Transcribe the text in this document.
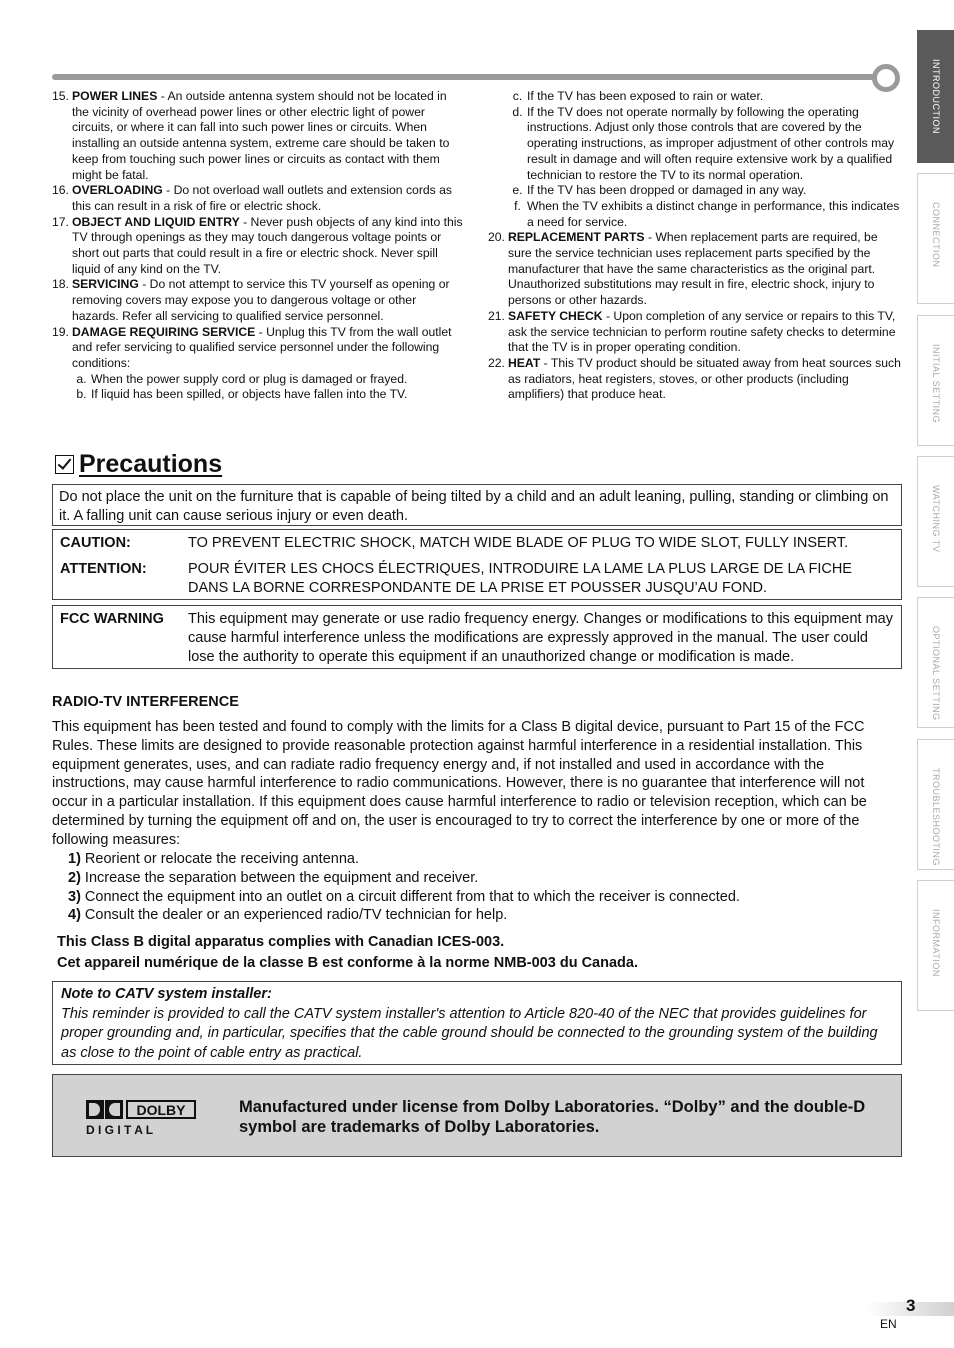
INTRODUCTION
CONNECTION
INITIAL SETTING
WATCHING TV
OPTIONAL SETTING
TROUBLESHOOTING
INFORMATION
15. POWER LINES - An outside antenna system should not be located in the vicinity of overhead power lines or other electric light of power circuits, or where it can fall into such power lines or circuits. When installing an outside antenna system, extreme care should be taken to keep from touching such power lines or circuits as contact with them might be fatal.
16. OVERLOADING - Do not overload wall outlets and extension cords as this can result in a risk of fire or electric shock.
17. OBJECT AND LIQUID ENTRY - Never push objects of any kind into this TV through openings as they may touch dangerous voltage points or short out parts that could result in a fire or electric shock. Never spill liquid of any kind on the TV.
18. SERVICING - Do not attempt to service this TV yourself as opening or removing covers may expose you to dangerous voltage or other hazards. Refer all servicing to qualified service personnel.
19. DAMAGE REQUIRING SERVICE - Unplug this TV from the wall outlet and refer servicing to qualified service personnel under the following conditions:
a. When the power supply cord or plug is damaged or frayed.
b. If liquid has been spilled, or objects have fallen into the TV.
c. If the TV has been exposed to rain or water.
d. If the TV does not operate normally by following the operating instructions. Adjust only those controls that are covered by the operating instructions, as improper adjustment of other controls may result in damage and will often require extensive work by a qualified technician to restore the TV to its normal operation.
e. If the TV has been dropped or damaged in any way.
f. When the TV exhibits a distinct change in performance, this indicates a need for service.
20. REPLACEMENT PARTS - When replacement parts are required, be sure the service technician uses replacement parts specified by the manufacturer that have the same characteristics as the original part. Unauthorized substitutions may result in fire, electric shock, injury to persons or other hazards.
21. SAFETY CHECK - Upon completion of any service or repairs to this TV, ask the service technician to perform routine safety checks to determine that the TV is in proper operating condition.
22. HEAT - This TV product should be situated away from heat sources such as radiators, heat registers, stoves, or other products (including amplifiers) that produce heat.
Precautions
Do not place the unit on the furniture that is capable of being tilted by a child and an adult leaning, pulling, standing or climbing on it. A falling unit can cause serious injury or even death.
CAUTION:	TO PREVENT ELECTRIC SHOCK, MATCH WIDE BLADE OF PLUG TO WIDE SLOT, FULLY INSERT.
ATTENTION:	POUR ÉVITER LES CHOCS ÉLECTRIQUES, INTRODUIRE LA LAME LA PLUS LARGE DE LA FICHE DANS LA BORNE CORRESPONDANTE DE LA PRISE ET POUSSER JUSQU’AU FOND.
FCC WARNING	This equipment may generate or use radio frequency energy. Changes or modifications to this equipment may cause harmful interference unless the modifications are expressly approved in the manual. The user could lose the authority to operate this equipment if an unauthorized change or modification is made.
RADIO-TV INTERFERENCE
This equipment has been tested and found to comply with the limits for a Class B digital device, pursuant to Part 15 of the FCC Rules. These limits are designed to provide reasonable protection against harmful interference in a residential installation. This equipment generates, uses, and can radiate radio frequency energy and, if not installed and used in accordance with the instructions, may cause harmful interference to radio communications. However, there is no guarantee that interference will not occur in a particular installation. If this equipment does cause harmful interference to radio or television reception, which can be determined by turning the equipment off and on, the user is encouraged to try to correct the interference by one or more of the following measures:
1) Reorient or relocate the receiving antenna.
2) Increase the separation between the equipment and receiver.
3) Connect the equipment into an outlet on a circuit different from that to which the receiver is connected.
4) Consult the dealer or an experienced radio/TV technician for help.
This Class B digital apparatus complies with Canadian ICES-003.
Cet appareil numérique de la classe B est conforme à la norme NMB-003 du Canada.
Note to CATV system installer:
This reminder is provided to call the CATV system installer's attention to Article 820-40 of the NEC that provides guidelines for proper grounding and, in particular, specifies that the cable ground should be connected to the grounding system of the building as close to the point of cable entry as practical.
DOLBY
D I G I T A L
Manufactured under license from Dolby Laboratories. “Dolby” and the double-D symbol are trademarks of Dolby Laboratories.
3
EN
